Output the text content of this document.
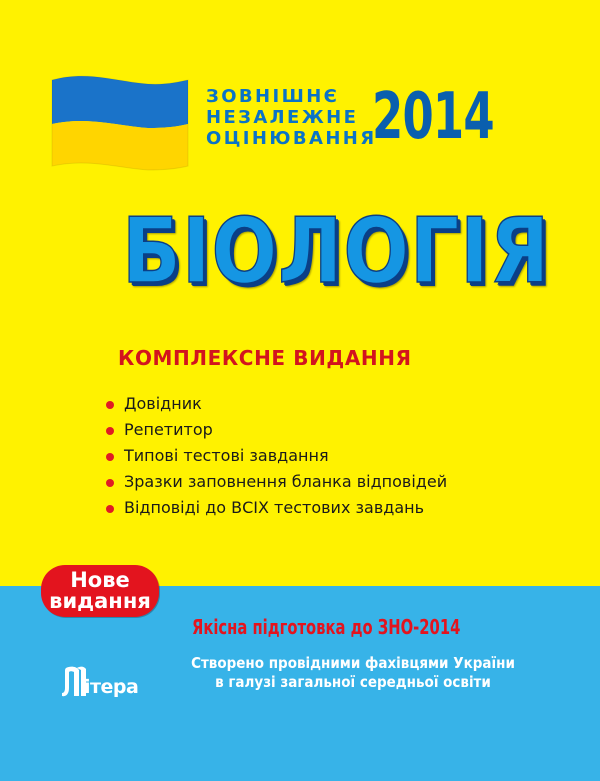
ЗОВНІШНЄ
НЕЗАЛЕЖНЕ
ОЦІНЮВАННЯ
2014
БІОЛОГІЯ
КОМПЛЕКСНЕ ВИДАННЯ
Довідник
Репетитор
Типові тестові завдання
Зразки заповнення бланка відповідей
Відповіді до ВСІХ тестових завдань
Нове
видання
Якісна підготовка до ЗНО-2014
Створено провідними фахівцями України
в галузі загальної середньої освіти
ітера
